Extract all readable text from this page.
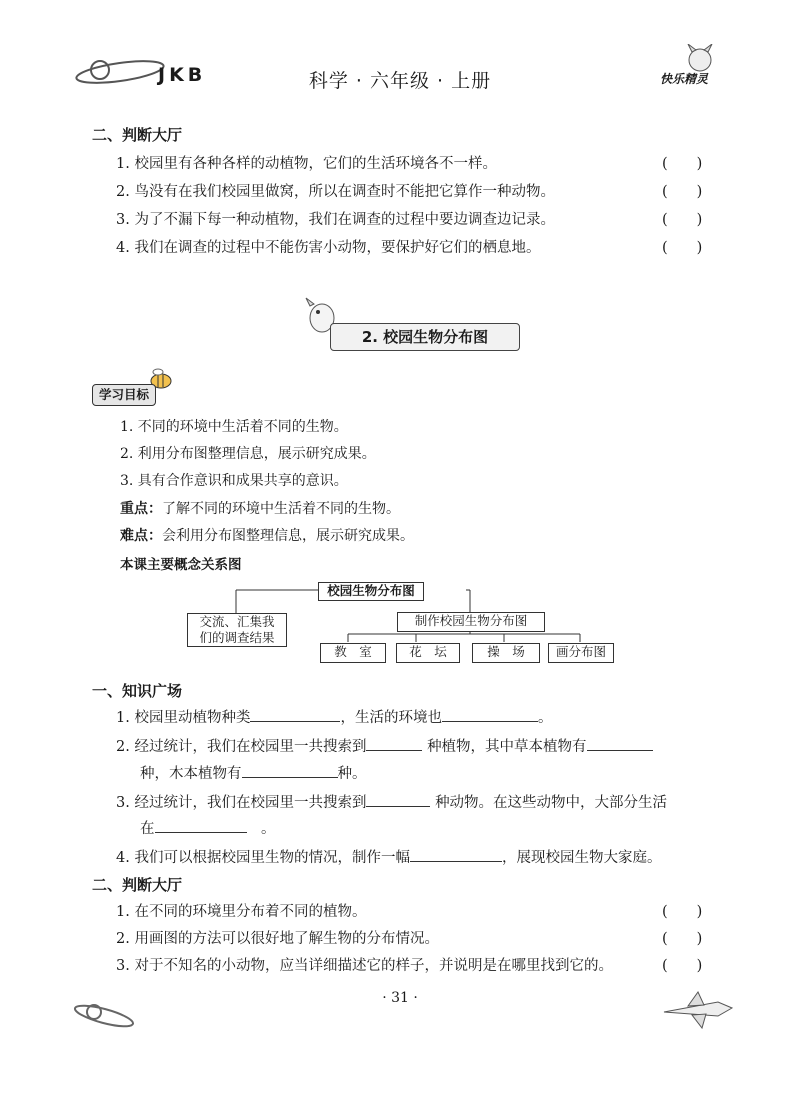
JKB	科学 · 六年级 · 上册	快乐精灵
二、判断大厅
1. 校园里有各种各样的动植物，它们的生活环境各不一样。	(　　)
2. 鸟没有在我们校园里做窝，所以在调查时不能把它算作一种动物。	(　　)
3. 为了不漏下每一种动植物，我们在调查的过程中要边调查边记录。	(　　)
4. 我们在调查的过程中不能伤害小动物，要保护好它们的栖息地。	(　　)
2. 校园生物分布图
学习目标
1. 不同的环境中生活着不同的生物。
2. 利用分布图整理信息，展示研究成果。
3. 具有合作意识和成果共享的意识。
重点：了解不同的环境中生活着不同的生物。
难点：会利用分布图整理信息，展示研究成果。
本课主要概念关系图
校园生物分布图
交流、汇集我
们的调查结果
制作校园生物分布图
教　室	花　坛	操　场	画分布图
一、知识广场
1. 校园里动植物种类	，生活的环境也	。
2. 经过统计，我们在校园里一共搜索到	种植物，其中草本植物有
种，木本植物有	种。
3. 经过统计，我们在校园里一共搜索到	种动物。在这些动物中，大部分生活
在　	。
4. 我们可以根据校园里生物的情况，制作一幅	，展现校园生物大家庭。
二、判断大厅
1. 在不同的环境里分布着不同的植物。	(　　)
2. 用画图的方法可以很好地了解生物的分布情况。	(　　)
3. 对于不知名的小动物，应当详细描述它的样子，并说明是在哪里找到它的。	(　　)
· 31 ·
